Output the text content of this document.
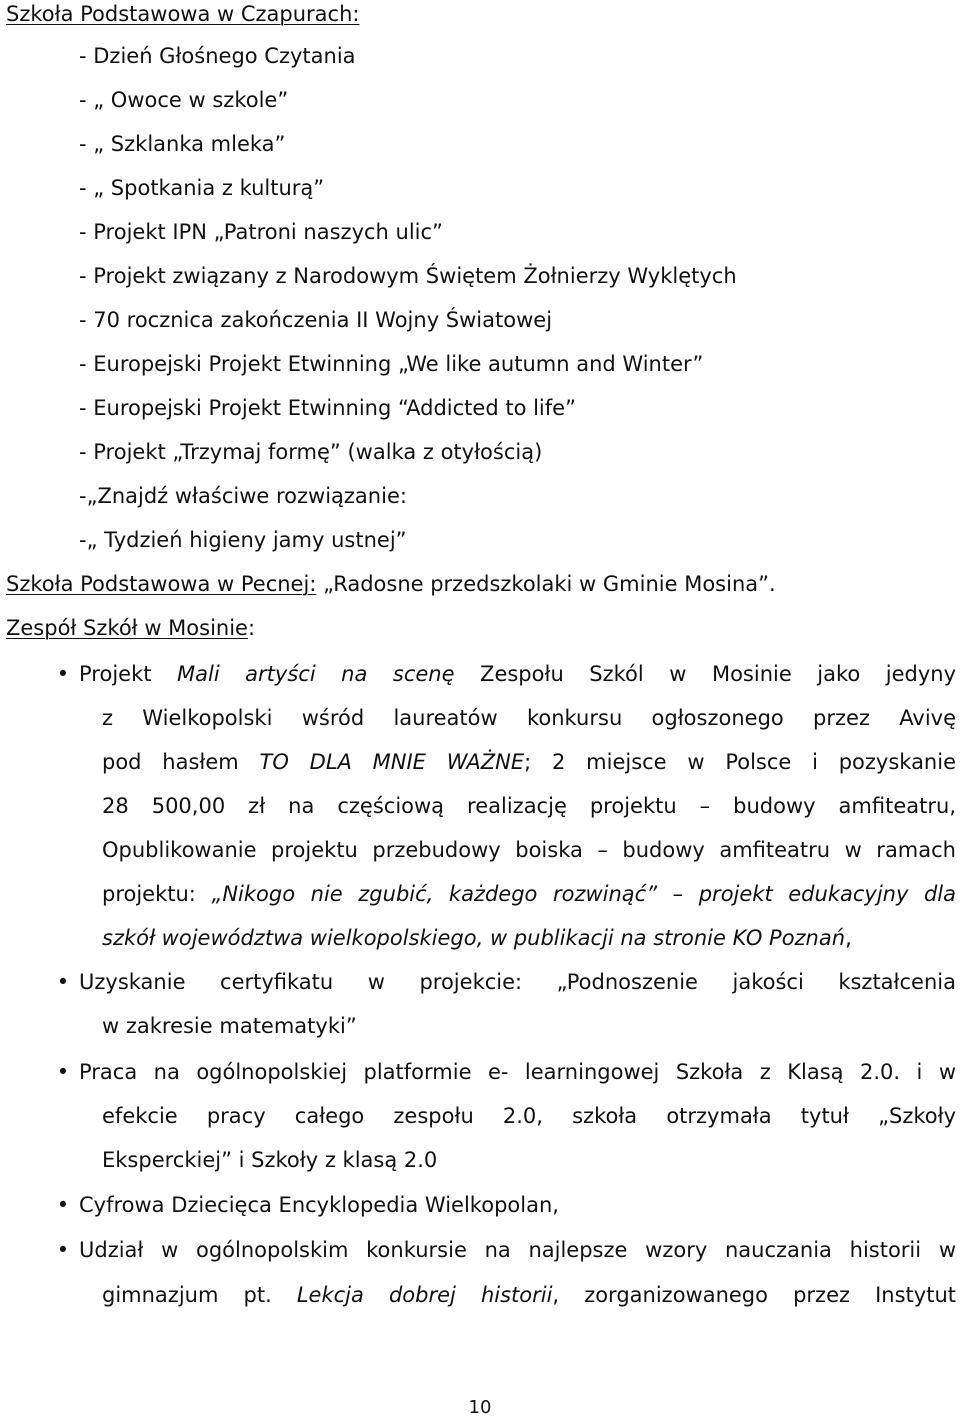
Szkoła Podstawowa w Czapurach:
- Dzień Głośnego Czytania
- „ Owoce w szkole”
- „ Szklanka mleka”
- „ Spotkania z kulturą”
- Projekt IPN „Patroni naszych ulic”
- Projekt związany z Narodowym Świętem Żołnierzy Wyklętych
- 70 rocznica zakończenia II Wojny Światowej
- Europejski Projekt Etwinning „We like autumn and Winter”
- Europejski Projekt Etwinning “Addicted to life”
- Projekt „Trzymaj formę” (walka z otyłością)
-„Znajdź właściwe rozwiązanie:
-„ Tydzień higieny jamy ustnej”
Szkoła Podstawowa w Pecnej: „Radosne przedszkolaki w Gminie Mosina”.
Zespół Szkół w Mosinie:
• Projekt Mali artyści na scenę Zespołu Szkól w Mosinie jako jedyny
z Wielkopolski wśród laureatów konkursu ogłoszonego przez Avivę
pod hasłem TO DLA MNIE WAŻNE; 2 miejsce w Polsce i pozyskanie
28 500,00 zł na częściową realizację projektu – budowy amfiteatru,
Opublikowanie projektu przebudowy boiska – budowy amfiteatru w ramach
projektu: „Nikogo nie zgubić, każdego rozwinąć” – projekt edukacyjny dla
szkół województwa wielkopolskiego, w publikacji na stronie KO Poznań,
• Uzyskanie certyfikatu w projekcie: „Podnoszenie jakości kształcenia
w zakresie matematyki”
• Praca na ogólnopolskiej platformie e- learningowej Szkoła z Klasą 2.0. i w
efekcie pracy całego zespołu 2.0, szkoła otrzymała tytuł „Szkoły
Eksperckiej” i Szkoły z klasą 2.0
• Cyfrowa Dziecięca Encyklopedia Wielkopolan,
• Udział w ogólnopolskim konkursie na najlepsze wzory nauczania historii w
gimnazjum pt. Lekcja dobrej historii, zorganizowanego przez Instytut
10
